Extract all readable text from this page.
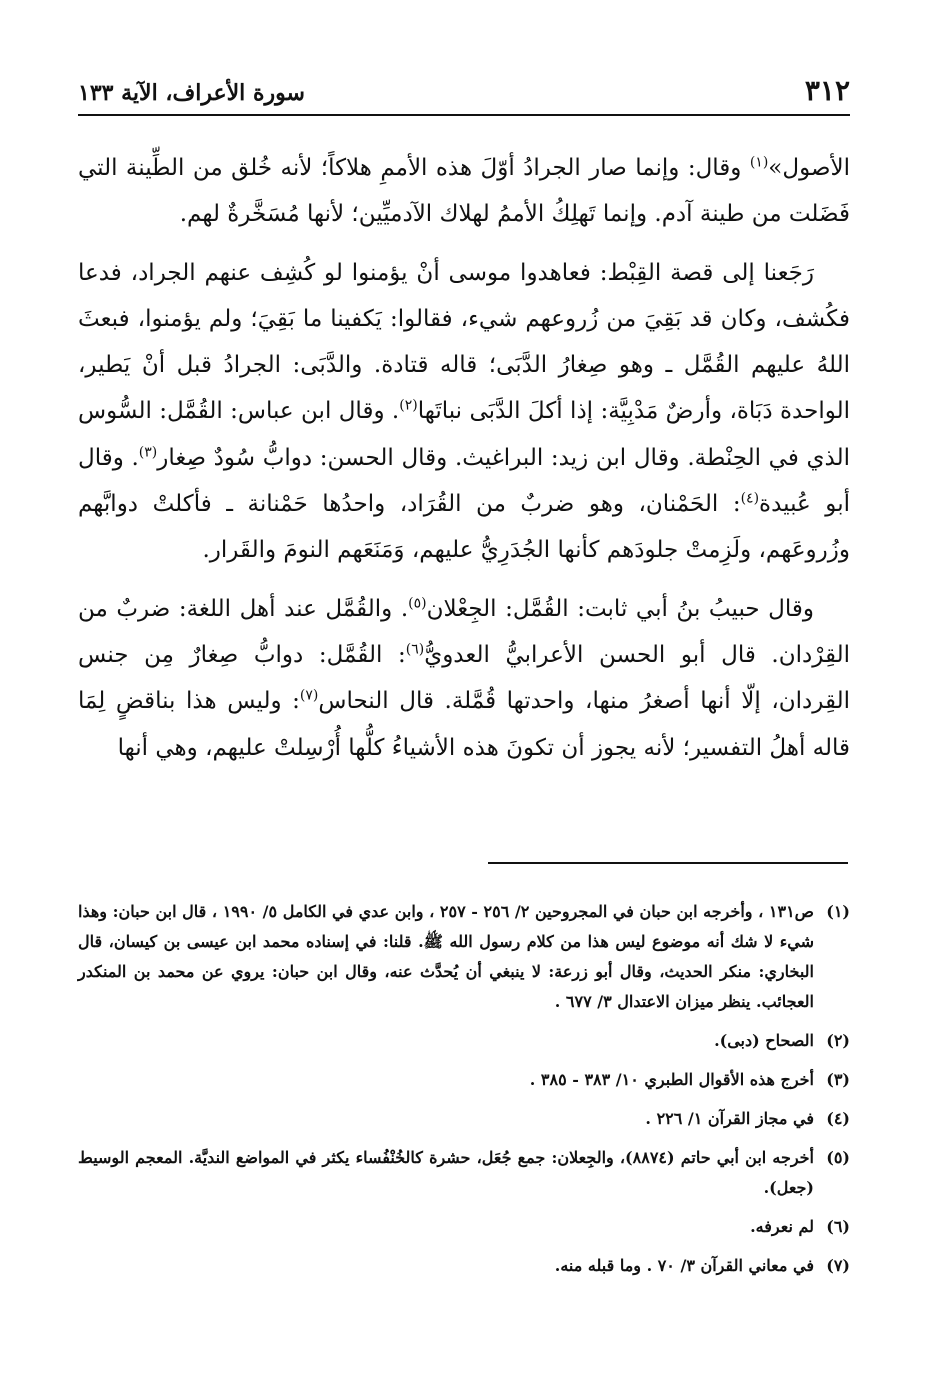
٣١٢
سورة الأعراف، الآية ١٣٣

الأصول»$^{(١)}$ وقال: وإنما صار الجرادُ أوّلَ هذه الأممِ هلاكاً؛ لأنه خُلق من الطِّينة التي فَضَلت من طينة آدم. وإنما تَهلِكُ الأممُ لهلاك الآدميِّين؛ لأنها مُسَخَّرةٌ لهم.

رَجَعنا إلى قصة القِبْط: فعاهدوا موسى أنْ يؤمنوا لو كُشِف عنهم الجراد، فدعا فكُشف، وكان قد بَقِيَ من زُروعهم شيء، فقالوا: يَكفينا ما بَقِيَ؛ ولم يؤمنوا، فبعثَ اللهُ عليهم القُمَّل ـ وهو صِغارُ الدَّبَى؛ قاله قتادة. والدَّبَى: الجرادُ قبل أنْ يَطير، الواحدة دَبَاة، وأرضٌ مَدْبِيَّة: إذا أكلَ الدَّبَى نباتَها$^{(٢)}$. وقال ابن عباس: القُمَّل: السُّوس الذي في الحِنْطة. وقال ابن زيد: البراغيث. وقال الحسن: دوابُّ سُودٌ صِغار$^{(٣)}$. وقال أبو عُبيدة$^{(٤)}$: الحَمْنان، وهو ضربٌ من القُرَاد، واحدُها حَمْنانة ـ فأكلتْ دوابَّهم وزُروعَهم، ولَزِمتْ جلودَهم كأنها الجُدَرِيُّ عليهم، وَمَنَعَهم النومَ والقَرار.

وقال حبيبُ بنُ أبي ثابت: القُمَّل: الجِعْلان$^{(٥)}$. والقُمَّل عند أهل اللغة: ضربٌ من القِرْدان. قال أبو الحسن الأعرابيُّ العدويُّ$^{(٦)}$: القُمَّل: دوابُّ صِغارٌ مِن جنس القِردان، إلّا أنها أصغرُ منها، واحدتها قُمَّلة. قال النحاس$^{(٧)}$: وليس هذا بناقضٍ لِمَا قاله أهلُ التفسير؛ لأنه يجوز أن تكونَ هذه الأشياءُ كلُّها أُرْسِلتْ عليهم، وهي أنها

(١)
ص١٣١ ، وأخرجه ابن حبان في المجروحين ٢/ ٢٥٦ - ٢٥٧ ، وابن عدي في الكامل ٥/ ١٩٩٠ ، قال ابن حبان: وهذا شيء لا شك أنه موضوع ليس هذا من كلام رسول الله ﷺ. قلنا: في إسناده محمد ابن عيسى بن كيسان، قال البخاري: منكر الحديث، وقال أبو زرعة: لا ينبغي أن يُحدَّث عنه، وقال ابن حبان: يروي عن محمد بن المنكدر العجائب. ينظر ميزان الاعتدال ٣/ ٦٧٧ .
(٢)
الصحاح (دبى).
(٣)
أخرج هذه الأقوال الطبري ١٠/ ٣٨٣ - ٣٨٥ .
(٤)
في مجاز القرآن ١/ ٢٢٦ .
(٥)
أخرجه ابن أبي حاتم (٨٨٧٤)، والجِعلان: جمع جُعَل، حشرة كالخُنْفُساء يكثر في المواضع النديَّة. المعجم الوسيط (جعل).
(٦)
لم نعرفه.
(٧)
في معاني القرآن ٣/ ٧٠ . وما قبله منه.
